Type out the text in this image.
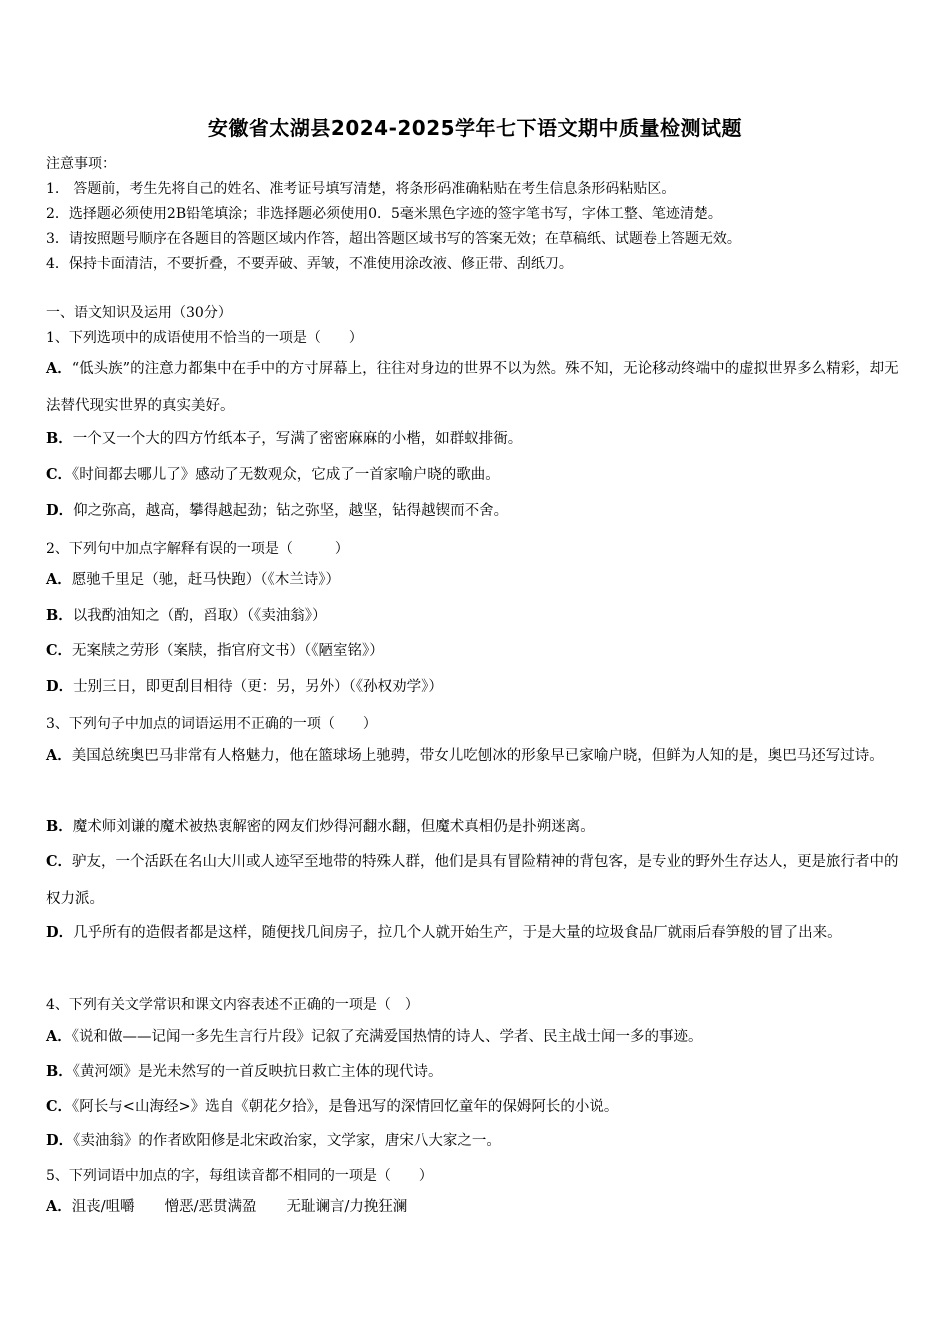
安徽省太湖县2024-2025学年七下语文期中质量检测试题
注意事项：
1.　答题前，考生先将自己的姓名、准考证号填写清楚，将条形码准确粘贴在考生信息条形码粘贴区。
2．选择题必须使用2B铅笔填涂；非选择题必须使用0．5毫米黑色字迹的签字笔书写，字体工整、笔迹清楚。
3．请按照题号顺序在各题目的答题区域内作答，超出答题区域书写的答案无效；在草稿纸、试题卷上答题无效。
4．保持卡面清洁，不要折叠，不要弄破、弄皱，不准使用涂改液、修正带、刮纸刀。
一、语文知识及运用（30分）
1、下列选项中的成语使用不恰当的一项是（　　）
A．“低头族”的注意力都集中在手中的方寸屏幕上，往往对身边的世界不以为然。殊不知，无论移动终端中的虚拟世界多么精彩，却无法替代现实世界的真实美好。
B．一个又一个大的四方竹纸本子，写满了密密麻麻的小楷，如群蚁排衙。
C．《时间都去哪儿了》感动了无数观众，它成了一首家喻户晓的歌曲。
D．仰之弥高，越高，攀得越起劲；钻之弥坚，越坚，钻得越锲而不舍。
2、下列句中加点字解释有误的一项是（　　　）
A．愿驰千里足（驰，赶马快跑）（《木兰诗》）
B．以我酌油知之（酌，舀取）（《卖油翁》）
C．无案牍之劳形（案牍，指官府文书）（《陋室铭》）
D．士别三日，即更刮目相待（更：另，另外）（《孙权劝学》）
3、下列句子中加点的词语运用不正确的一项（　　）
A．美国总统奥巴马非常有人格魅力，他在篮球场上驰骋，带女儿吃刨冰的形象早已家喻户晓，但鲜为人知的是，奥巴马还写过诗。
B．魔术师刘谦的魔术被热衷解密的网友们炒得河翻水翻，但魔术真相仍是扑朔迷离。
C．驴友，一个活跃在名山大川或人迹罕至地带的特殊人群，他们是具有冒险精神的背包客，是专业的野外生存达人，更是旅行者中的权力派。
D．几乎所有的造假者都是这样，随便找几间房子，拉几个人就开始生产，于是大量的垃圾食品厂就雨后春笋般的冒了出来。
4、下列有关文学常识和课文内容表述不正确的一项是（　）
A．《说和做——记闻一多先生言行片段》记叙了充满爱国热情的诗人、学者、民主战士闻一多的事迹。
B．《黄河颂》是光未然写的一首反映抗日救亡主体的现代诗。
C．《阿长与<山海经>》选自《朝花夕拾》，是鲁迅写的深情回忆童年的保姆阿长的小说。
D．《卖油翁》的作者欧阳修是北宋政治家，文学家，唐宋八大家之一。
5、下列词语中加点的字，每组读音都不相同的一项是（　　）
A．沮丧/咀嚼 憎恶/恶贯满盈 无耻谰言/力挽狂澜
